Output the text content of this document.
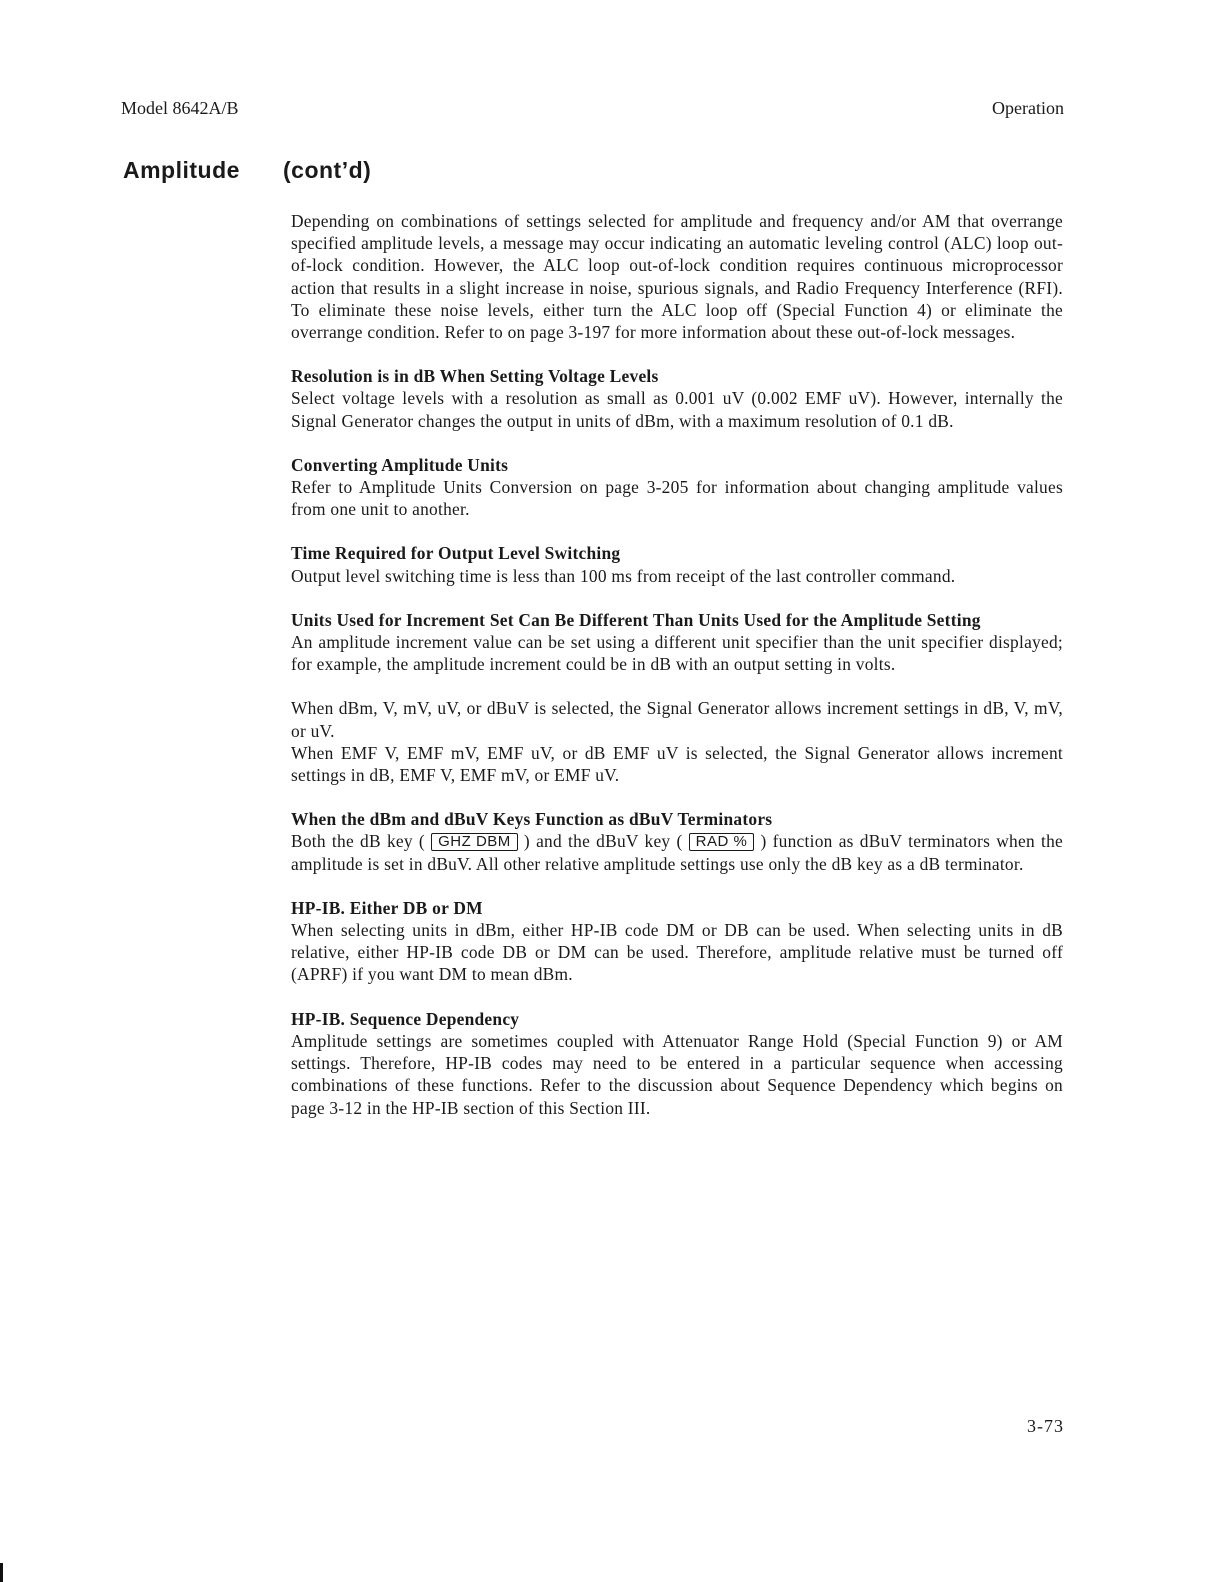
Model 8642A/B	Operation
Amplitude (cont’d)

Depending on combinations of settings selected for amplitude and frequency and/or AM that overrange specified amplitude levels, a message may occur indicating an automatic leveling control (ALC) loop out-of-lock condition. However, the ALC loop out-of-lock condition requires continuous microprocessor action that results in a slight increase in noise, spurious signals, and Radio Frequency Interference (RFI). To eliminate these noise levels, either turn the ALC loop off (Special Function 4) or eliminate the overrange condition. Refer to on page 3-197 for more information about these out-of-lock messages.

Resolution is in dB When Setting Voltage Levels

Select voltage levels with a resolution as small as 0.001 uV (0.002 EMF uV). However, internally the Signal Generator changes the output in units of dBm, with a maximum resolution of 0.1 dB.

Converting Amplitude Units

Refer to Amplitude Units Conversion on page 3-205 for information about changing amplitude values from one unit to another.

Time Required for Output Level Switching

Output level switching time is less than 100 ms from receipt of the last controller command.

Units Used for Increment Set Can Be Different Than Units Used for the Amplitude Setting

An amplitude increment value can be set using a different unit specifier than the unit specifier displayed; for example, the amplitude increment could be in dB with an output setting in volts.

When dBm, V, mV, uV, or dBuV is selected, the Signal Generator allows increment settings in dB, V, mV, or uV.

When EMF V, EMF mV, EMF uV, or dB EMF uV is selected, the Signal Generator allows increment settings in dB, EMF V, EMF mV, or EMF uV.

When the dBm and dBuV Keys Function as dBuV Terminators

Both the dB key ( GHZ DBM ) and the dBuV key ( RAD % ) function as dBuV terminators when the amplitude is set in dBuV. All other relative amplitude settings use only the dB key as a dB terminator.

HP-IB. Either DB or DM

When selecting units in dBm, either HP-IB code DM or DB can be used. When selecting units in dB relative, either HP-IB code DB or DM can be used. Therefore, amplitude relative must be turned off (APRF) if you want DM to mean dBm.

HP-IB. Sequence Dependency

Amplitude settings are sometimes coupled with Attenuator Range Hold (Special Function 9) or AM settings. Therefore, HP-IB codes may need to be entered in a particular sequence when accessing combinations of these functions. Refer to the discussion about Sequence Dependency which begins on page 3-12 in the HP-IB section of this Section III.

3-73
